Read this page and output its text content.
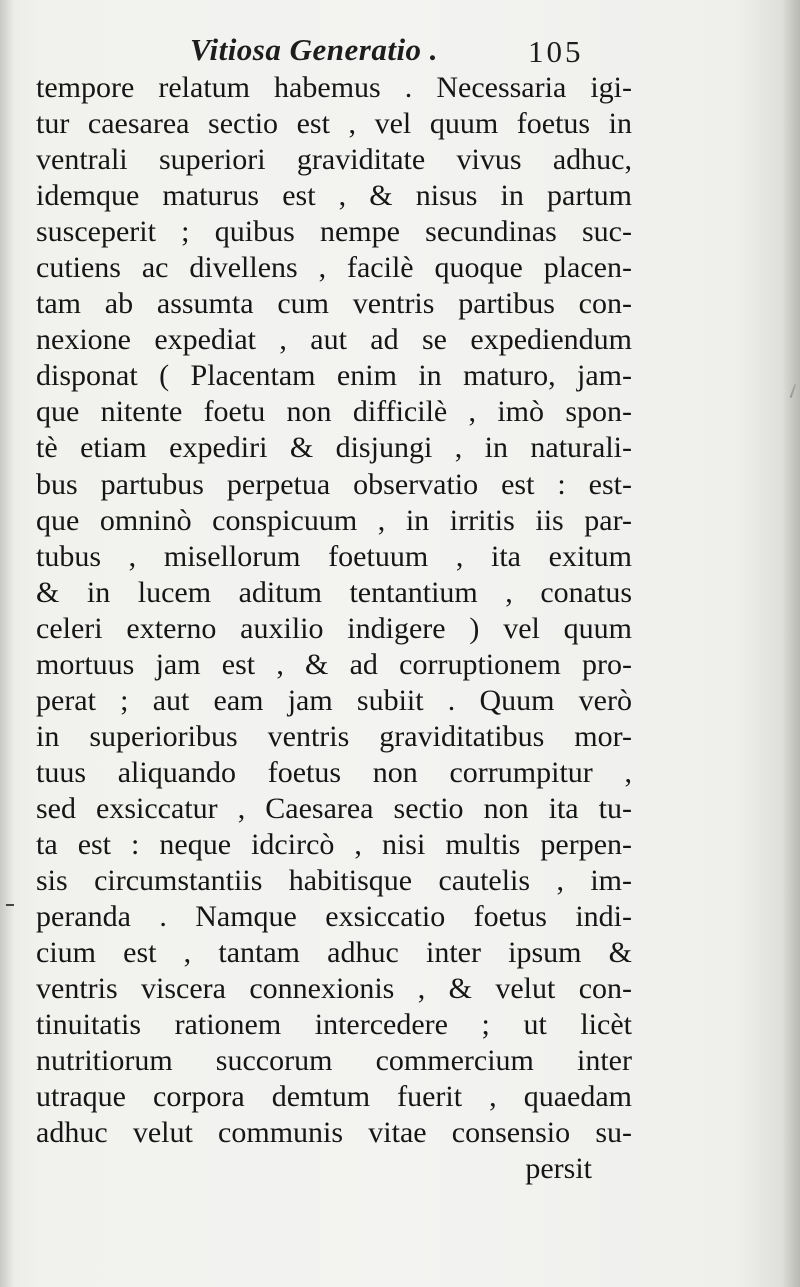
Vitiosa Generatio .	105
tempore relatum habemus . Necessaria igi-
tur caesarea sectio est , vel quum foetus in
ventrali superiori graviditate vivus adhuc,
idemque maturus est , & nisus in partum
susceperit ; quibus nempe secundinas suc-
cutiens ac divellens , facilè quoque placen-
tam ab assumta cum ventris partibus con-
nexione expediat , aut ad se expediendum
disponat ( Placentam enim in maturo, jam-
que nitente foetu non difficilè , imò spon-
tè etiam expediri & disjungi , in naturali-
bus partubus perpetua observatio est : est-
que omninò conspicuum , in irritis iis par-
tubus , misellorum foetuum , ita exitum
& in lucem aditum tentantium , conatus
celeri externo auxilio indigere ) vel quum
mortuus jam est , & ad corruptionem pro-
perat ; aut eam jam subiit . Quum verò
in superioribus ventris graviditatibus mor-
tuus aliquando foetus non corrumpitur ,
sed exsiccatur , Caesarea sectio non ita tu-
ta est : neque idcircò , nisi multis perpen-
sis circumstantiis habitisque cautelis , im-
peranda . Namque exsiccatio foetus indi-
cium est , tantam adhuc inter ipsum &
ventris viscera connexionis , & velut con-
tinuitatis rationem intercedere ; ut licèt
nutritiorum succorum commercium inter
utraque corpora demtum fuerit , quaedam
adhuc velut communis vitae consensio su-
persit
